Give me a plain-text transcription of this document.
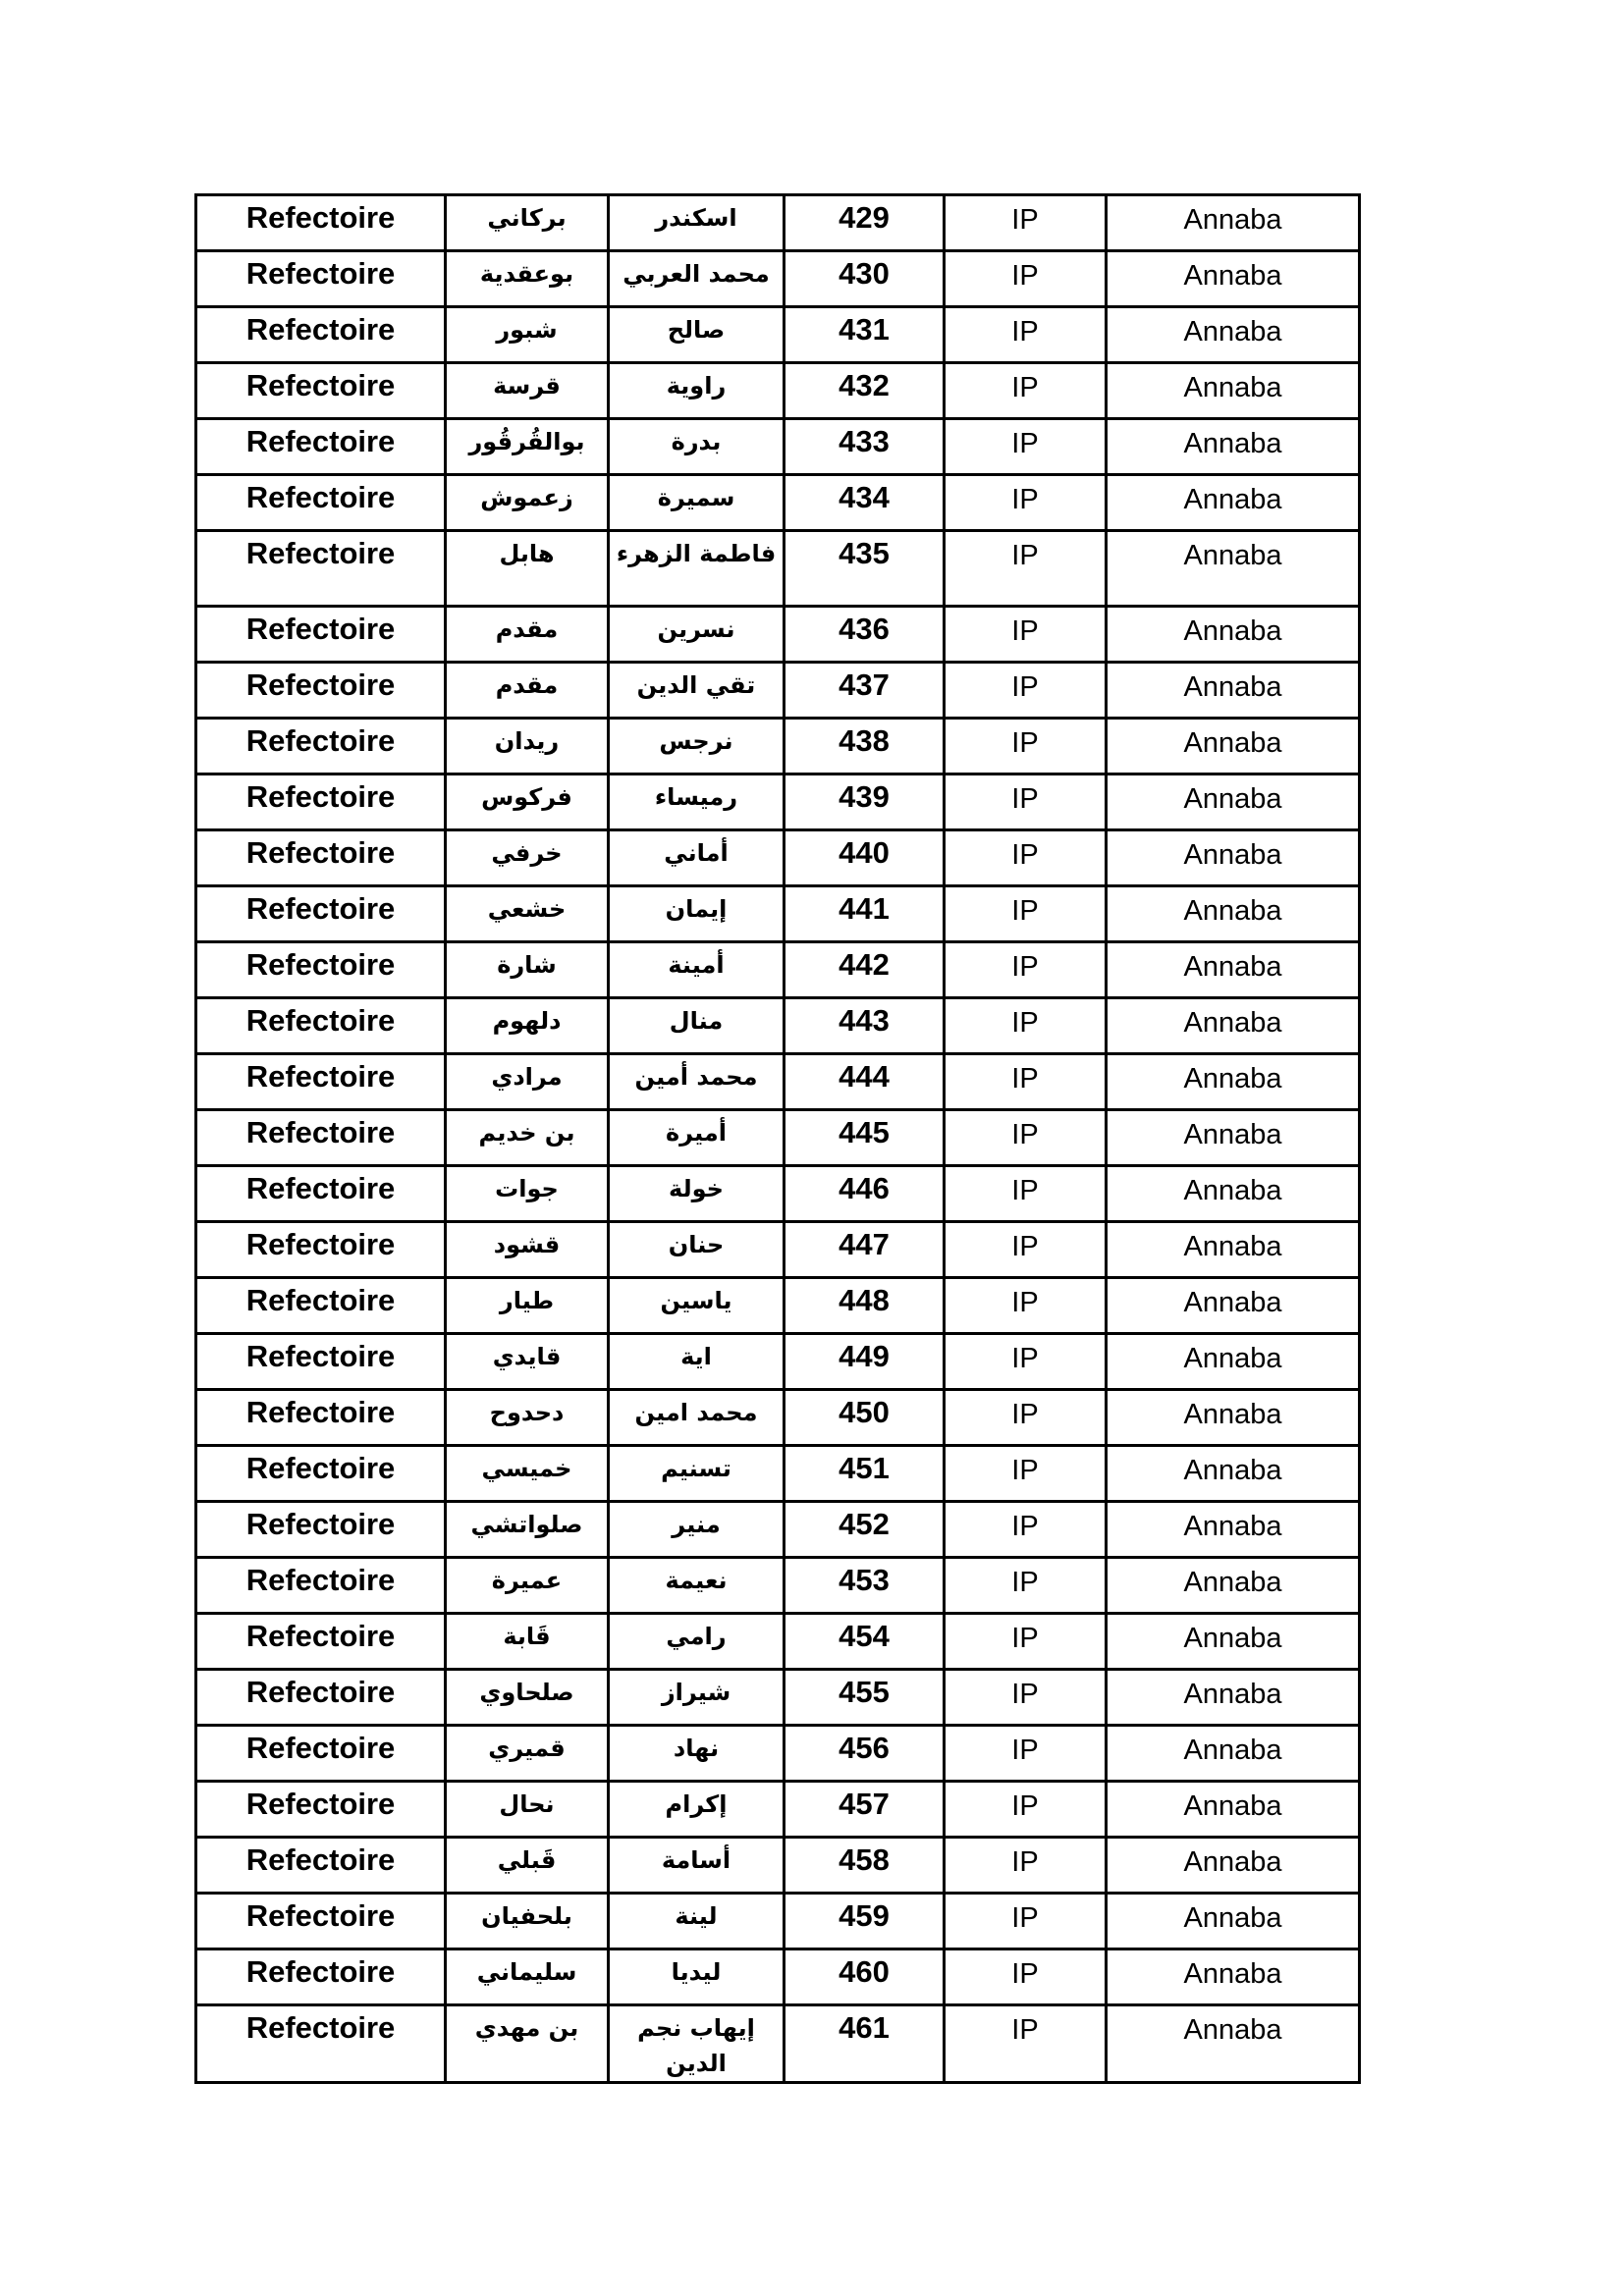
Refectoire	بركاني	اسكندر	429	IP	Annaba
Refectoire	بوعقدية	محمد العربي	430	IP	Annaba
Refectoire	شبور	صالح	431	IP	Annaba
Refectoire	قرسة	راوية	432	IP	Annaba
Refectoire	بوالقُرقُور	بدرة	433	IP	Annaba
Refectoire	زعموش	سميرة	434	IP	Annaba
Refectoire	هابل	فاطمة الزهرء	435	IP	Annaba
Refectoire	مقدم	نسرين	436	IP	Annaba
Refectoire	مقدم	تقي الدين	437	IP	Annaba
Refectoire	ريدان	نرجس	438	IP	Annaba
Refectoire	فركوس	رميساء	439	IP	Annaba
Refectoire	خرفي	أماني	440	IP	Annaba
Refectoire	خشعي	إيمان	441	IP	Annaba
Refectoire	شارة	أمينة	442	IP	Annaba
Refectoire	دلهوم	منال	443	IP	Annaba
Refectoire	مرادي	محمد أمين	444	IP	Annaba
Refectoire	بن خديم	أميرة	445	IP	Annaba
Refectoire	جوات	خولة	446	IP	Annaba
Refectoire	قشود	حنان	447	IP	Annaba
Refectoire	طيار	ياسين	448	IP	Annaba
Refectoire	قايدي	اية	449	IP	Annaba
Refectoire	دحدوح	محمد امين	450	IP	Annaba
Refectoire	خميسي	تسنيم	451	IP	Annaba
Refectoire	صلواتشي	منير	452	IP	Annaba
Refectoire	عميرة	نعيمة	453	IP	Annaba
Refectoire	قَابة	رامي	454	IP	Annaba
Refectoire	صلحاوي	شيراز	455	IP	Annaba
Refectoire	قميري	نهاد	456	IP	Annaba
Refectoire	نحال	إكرام	457	IP	Annaba
Refectoire	قَبلي	أسامة	458	IP	Annaba
Refectoire	بلحفيان	لينة	459	IP	Annaba
Refectoire	سليماني	ليديا	460	IP	Annaba
Refectoire	بن مهدي	إيهاب نجم الدين	461	IP	Annaba
